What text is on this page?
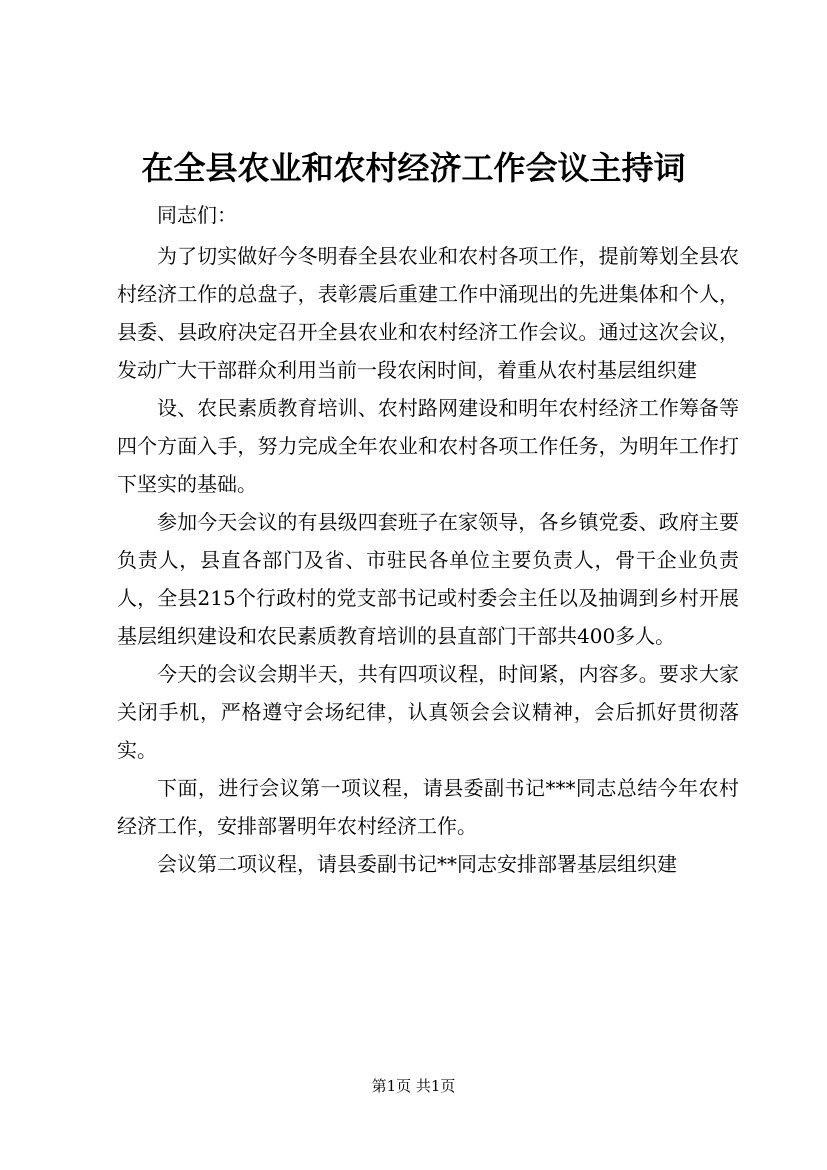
在全县农业和农村经济工作会议主持词

同志们：

为了切实做好今冬明春全县农业和农村各项工作，提前筹划全县农村经济工作的总盘子，表彰震后重建工作中涌现出的先进集体和个人，县委、县政府决定召开全县农业和农村经济工作会议。通过这次会议，发动广大干部群众利用当前一段农闲时间，着重从农村基层组织建

设、农民素质教育培训、农村路网建设和明年农村经济工作筹备等四个方面入手，努力完成全年农业和农村各项工作任务，为明年工作打下坚实的基础。

参加今天会议的有县级四套班子在家领导，各乡镇党委、政府主要负责人，县直各部门及省、市驻民各单位主要负责人，骨干企业负责人，全县215个行政村的党支部书记或村委会主任以及抽调到乡村开展基层组织建设和农民素质教育培训的县直部门干部共400多人。

今天的会议会期半天，共有四项议程，时间紧，内容多。要求大家关闭手机，严格遵守会场纪律，认真领会会议精神，会后抓好贯彻落实。

下面，进行会议第一项议程，请县委副书记***同志总结今年农村经济工作，安排部署明年农村经济工作。

会议第二项议程，请县委副书记**同志安排部署基层组织建

第1页 共1页
